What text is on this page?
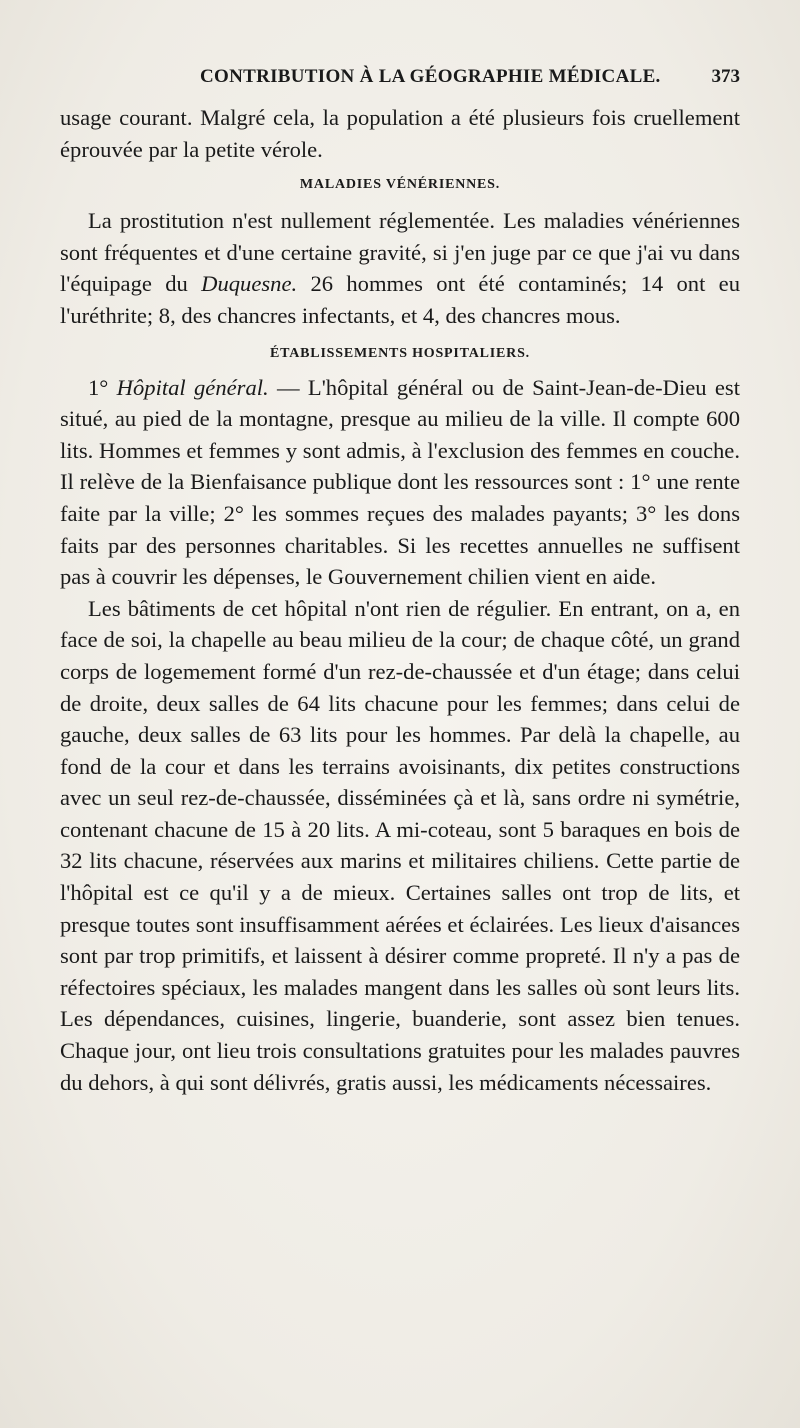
CONTRIBUTION À LA GÉOGRAPHIE MÉDICALE.	373

usage courant. Malgré cela, la population a été plusieurs fois cruellement éprouvée par la petite vérole.

MALADIES VÉNÉRIENNES.

La prostitution n'est nullement réglementée. Les maladies vénériennes sont fréquentes et d'une certaine gravité, si j'en juge par ce que j'ai vu dans l'équipage du Duquesne. 26 hommes ont été contaminés; 14 ont eu l'uréthrite; 8, des chancres infectants, et 4, des chancres mous.

ÉTABLISSEMENTS HOSPITALIERS.

1° Hôpital général. — L'hôpital général ou de Saint-Jean-de-Dieu est situé, au pied de la montagne, presque au milieu de la ville. Il compte 600 lits. Hommes et femmes y sont admis, à l'exclusion des femmes en couche. Il relève de la Bienfaisance publique dont les ressources sont : 1° une rente faite par la ville; 2° les sommes reçues des malades payants; 3° les dons faits par des personnes charitables. Si les recettes annuelles ne suffisent pas à couvrir les dépenses, le Gouvernement chilien vient en aide.

Les bâtiments de cet hôpital n'ont rien de régulier. En entrant, on a, en face de soi, la chapelle au beau milieu de la cour; de chaque côté, un grand corps de logemement formé d'un rez-de-chaussée et d'un étage; dans celui de droite, deux salles de 64 lits chacune pour les femmes; dans celui de gauche, deux salles de 63 lits pour les hommes. Par delà la chapelle, au fond de la cour et dans les terrains avoisinants, dix petites constructions avec un seul rez-de-chaussée, disséminées çà et là, sans ordre ni symétrie, contenant chacune de 15 à 20 lits. A mi-coteau, sont 5 baraques en bois de 32 lits chacune, réservées aux marins et militaires chiliens. Cette partie de l'hôpital est ce qu'il y a de mieux. Certaines salles ont trop de lits, et presque toutes sont insuffisamment aérées et éclairées. Les lieux d'aisances sont par trop primitifs, et laissent à désirer comme propreté. Il n'y a pas de réfectoires spéciaux, les malades mangent dans les salles où sont leurs lits. Les dépendances, cuisines, lingerie, buanderie, sont assez bien tenues. Chaque jour, ont lieu trois consultations gratuites pour les malades pauvres du dehors, à qui sont délivrés, gratis aussi, les médicaments nécessaires.
